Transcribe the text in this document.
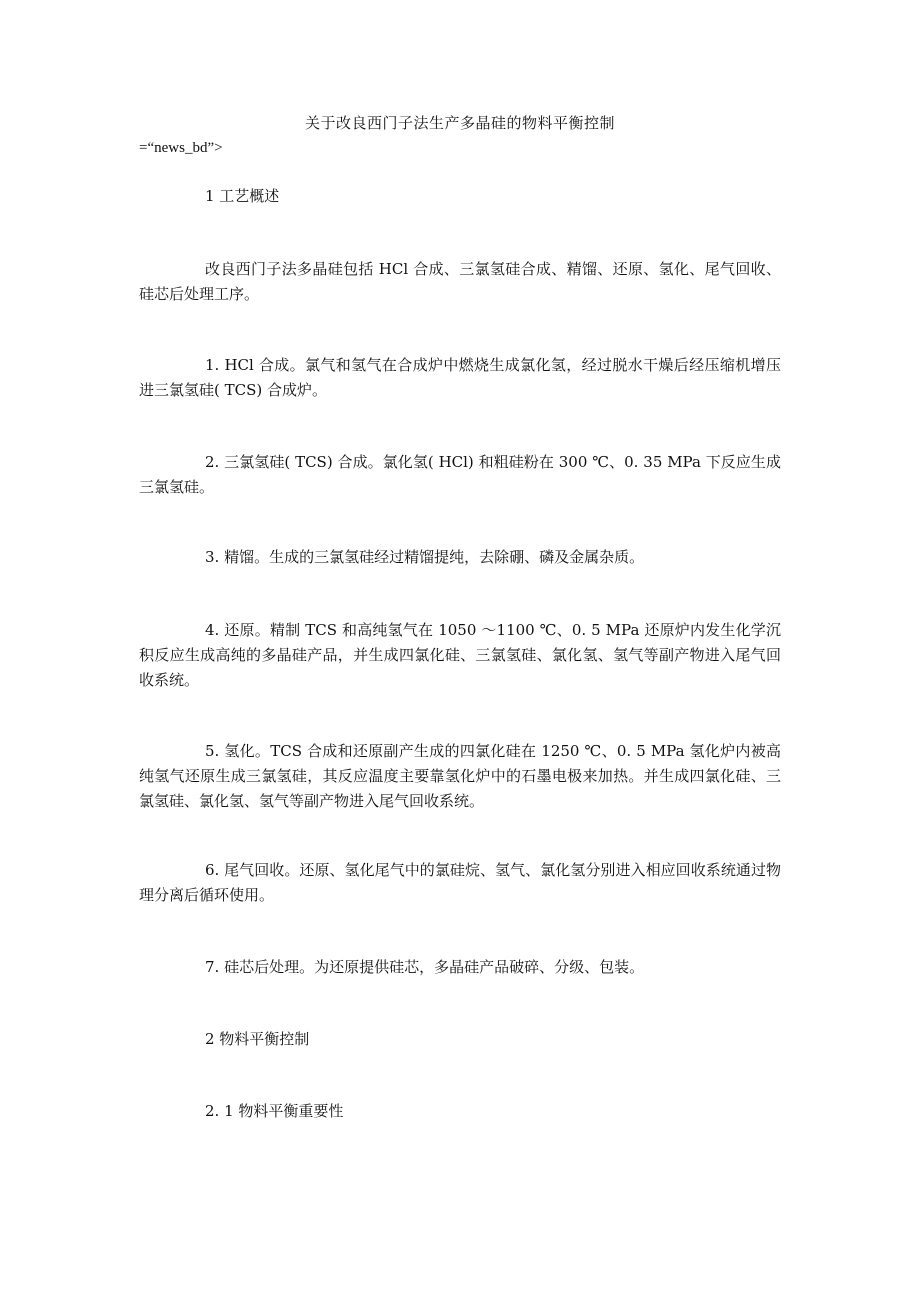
关于改良西门子法生产多晶硅的物料平衡控制
=“news_bd”>

1 工艺概述

改良西门子法多晶硅包括 HCl 合成、三氯氢硅合成、精馏、还原、氢化、尾气回收、硅芯后处理工序。

1. HCl 合成。氯气和氢气在合成炉中燃烧生成氯化氢，经过脱水干燥后经压缩机增压进三氯氢硅( TCS) 合成炉。

2. 三氯氢硅( TCS) 合成。氯化氢( HCl) 和粗硅粉在 300 ℃、0. 35 MPa 下反应生成三氯氢硅。

3. 精馏。生成的三氯氢硅经过精馏提纯，去除硼、磷及金属杂质。

4. 还原。精制 TCS 和高纯氢气在 1050 ～1100 ℃、0. 5 MPa 还原炉内发生化学沉积反应生成高纯的多晶硅产品，并生成四氯化硅、三氯氢硅、氯化氢、氢气等副产物进入尾气回收系统。

5. 氢化。TCS 合成和还原副产生成的四氯化硅在 1250 ℃、0. 5 MPa 氢化炉内被高纯氢气还原生成三氯氢硅，其反应温度主要靠氢化炉中的石墨电极来加热。并生成四氯化硅、三氯氢硅、氯化氢、氢气等副产物进入尾气回收系统。

6. 尾气回收。还原、氢化尾气中的氯硅烷、氢气、氯化氢分别进入相应回收系统通过物理分离后循环使用。

7. 硅芯后处理。为还原提供硅芯，多晶硅产品破碎、分级、包装。

2 物料平衡控制

2. 1 物料平衡重要性
